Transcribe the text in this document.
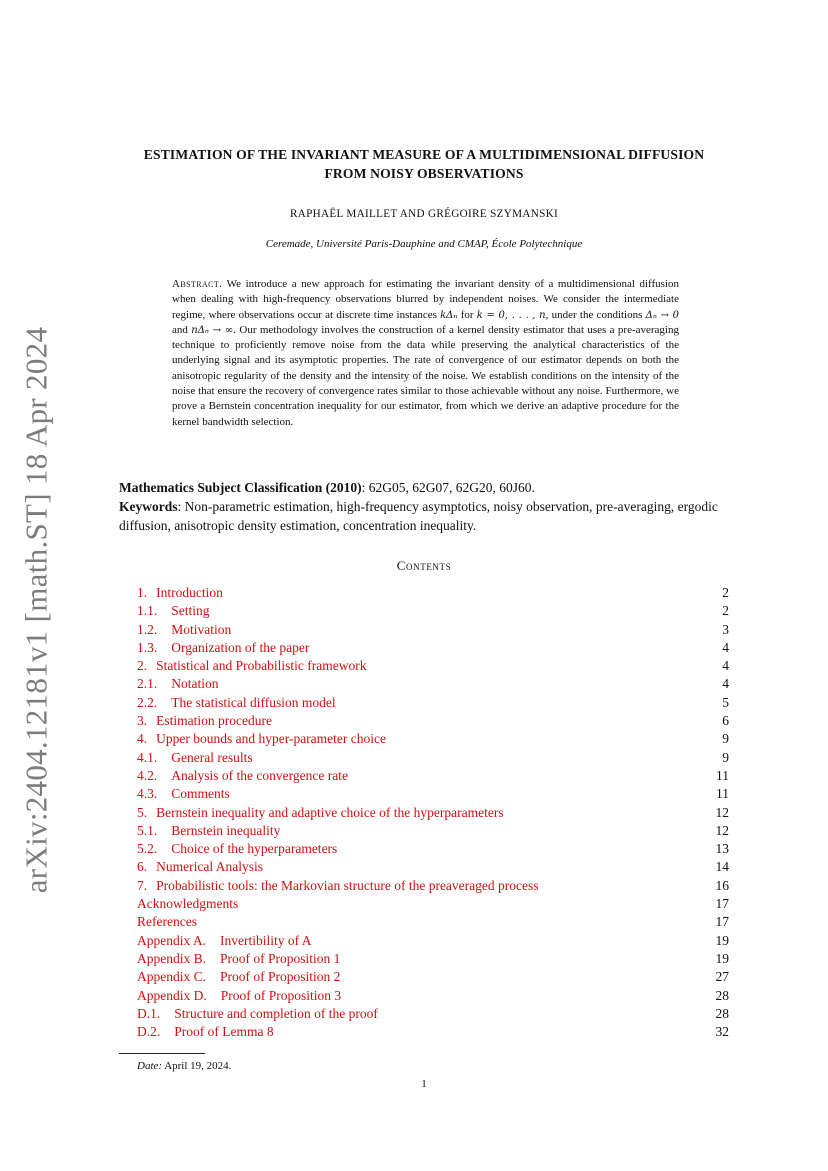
arXiv:2404.12181v1 [math.ST] 18 Apr 2024
ESTIMATION OF THE INVARIANT MEASURE OF A MULTIDIMENSIONAL DIFFUSION
FROM NOISY OBSERVATIONS
RAPHAËL MAILLET AND GRÉGOIRE SZYMANSKI
Ceremade, Université Paris-Dauphine and CMAP, École Polytechnique
Abstract. We introduce a new approach for estimating the invariant density of a multidimensional diffusion when dealing with high-frequency observations blurred by independent noises. We consider the intermediate regime, where observations occur at discrete time instances kΔₙ for k = 0, . . . , n, under the conditions Δₙ → 0 and nΔₙ → ∞. Our methodology involves the construction of a kernel density estimator that uses a pre-averaging technique to proficiently remove noise from the data while preserving the analytical characteristics of the underlying signal and its asymptotic properties. The rate of convergence of our estimator depends on both the anisotropic regularity of the density and the intensity of the noise. We establish conditions on the intensity of the noise that ensure the recovery of convergence rates similar to those achievable without any noise. Furthermore, we prove a Bernstein concentration inequality for our estimator, from which we derive an adaptive procedure for the kernel bandwidth selection.
Mathematics Subject Classification (2010): 62G05, 62G07, 62G20, 60J60.
Keywords: Non-parametric estimation, high-frequency asymptotics, noisy observation, pre-averaging, ergodic diffusion, anisotropic density estimation, concentration inequality.
Contents
1. Introduction	2
1.1. Setting	2
1.2. Motivation	3
1.3. Organization of the paper	4
2. Statistical and Probabilistic framework	4
2.1. Notation	4
2.2. The statistical diffusion model	5
3. Estimation procedure	6
4. Upper bounds and hyper-parameter choice	9
4.1. General results	9
4.2. Analysis of the convergence rate	11
4.3. Comments	11
5. Bernstein inequality and adaptive choice of the hyperparameters	12
5.1. Bernstein inequality	12
5.2. Choice of the hyperparameters	13
6. Numerical Analysis	14
7. Probabilistic tools: the Markovian structure of the preaveraged process	16
Acknowledgments	17
References	17
Appendix A. Invertibility of A	19
Appendix B. Proof of Proposition 1	19
Appendix C. Proof of Proposition 2	27
Appendix D. Proof of Proposition 3	28
D.1. Structure and completion of the proof	28
D.2. Proof of Lemma 8	32
Date: April 19, 2024.
1
